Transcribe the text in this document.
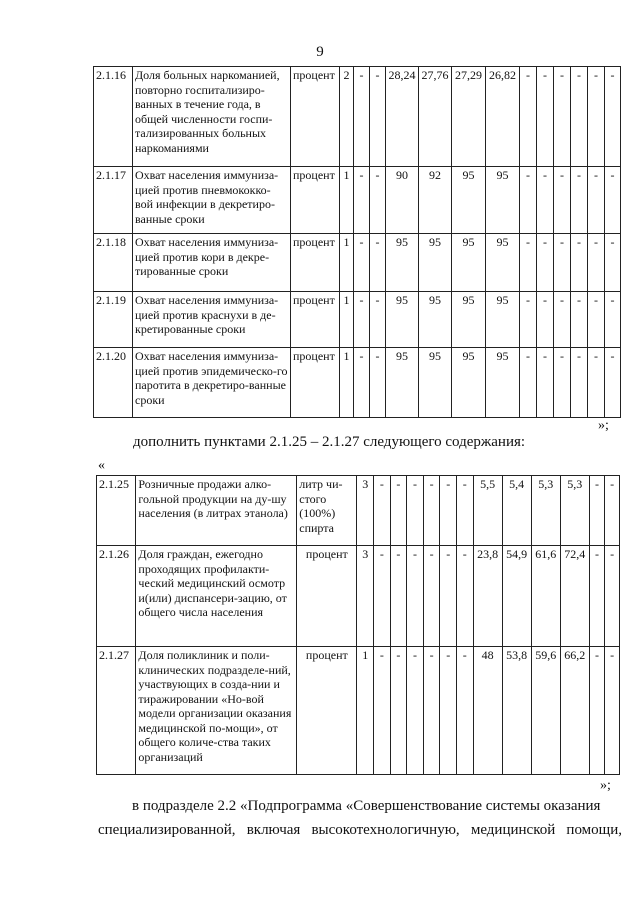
9
2.1.16	Доля больных наркоманией, повторно госпитализиро-ванных в течение года, в общей численности госпи-тализированных больных наркоманиями	процент	2	-	-	28,24	27,76	27,29	26,82	-	-	-	-	-	-
2.1.17	Охват населения иммуниза-цией против пневмококко-вой инфекции в декретиро-ванные сроки	процент	1	-	-	90	92	95	95	-	-	-	-	-	-
2.1.18	Охват населения иммуниза-цией против кори в декре-тированные сроки	процент	1	-	-	95	95	95	95	-	-	-	-	-	-
2.1.19	Охват населения иммуниза-цией против краснухи в де-кретированные сроки	процент	1	-	-	95	95	95	95	-	-	-	-	-	-
2.1.20	Охват населения иммуниза-цией против эпидемическо-го паротита в декретиро-ванные сроки	процент	1	-	-	95	95	95	95	-	-	-	-	-	-
»;
дополнить пунктами 2.1.25 – 2.1.27 следующего содержания:
«
2.1.25	Розничные продажи алко-гольной продукции на ду-шу населения (в литрах этанола)	литр чи-стого (100%) спирта	3	-	-	-	-	-	-	5,5	5,4	5,3	5,3	-	-
2.1.26	Доля граждан, ежегодно проходящих профилакти-ческий медицинский осмотр и(или) диспансери-зацию, от общего числа населения	процент	3	-	-	-	-	-	-	23,8	54,9	61,6	72,4	-	-
2.1.27	Доля поликлиник и поли-клинических подразделе-ний, участвующих в созда-нии и тиражировании «Но-вой модели организации оказания медицинской по-мощи», от общего количе-ства таких организаций	процент	1	-	-	-	-	-	-	48	53,8	59,6	66,2	-	-
»;
в подразделе 2.2 «Подпрограмма «Совершенствование системы оказания
специализированной, включая высокотехнологичную, медицинской помощи,
